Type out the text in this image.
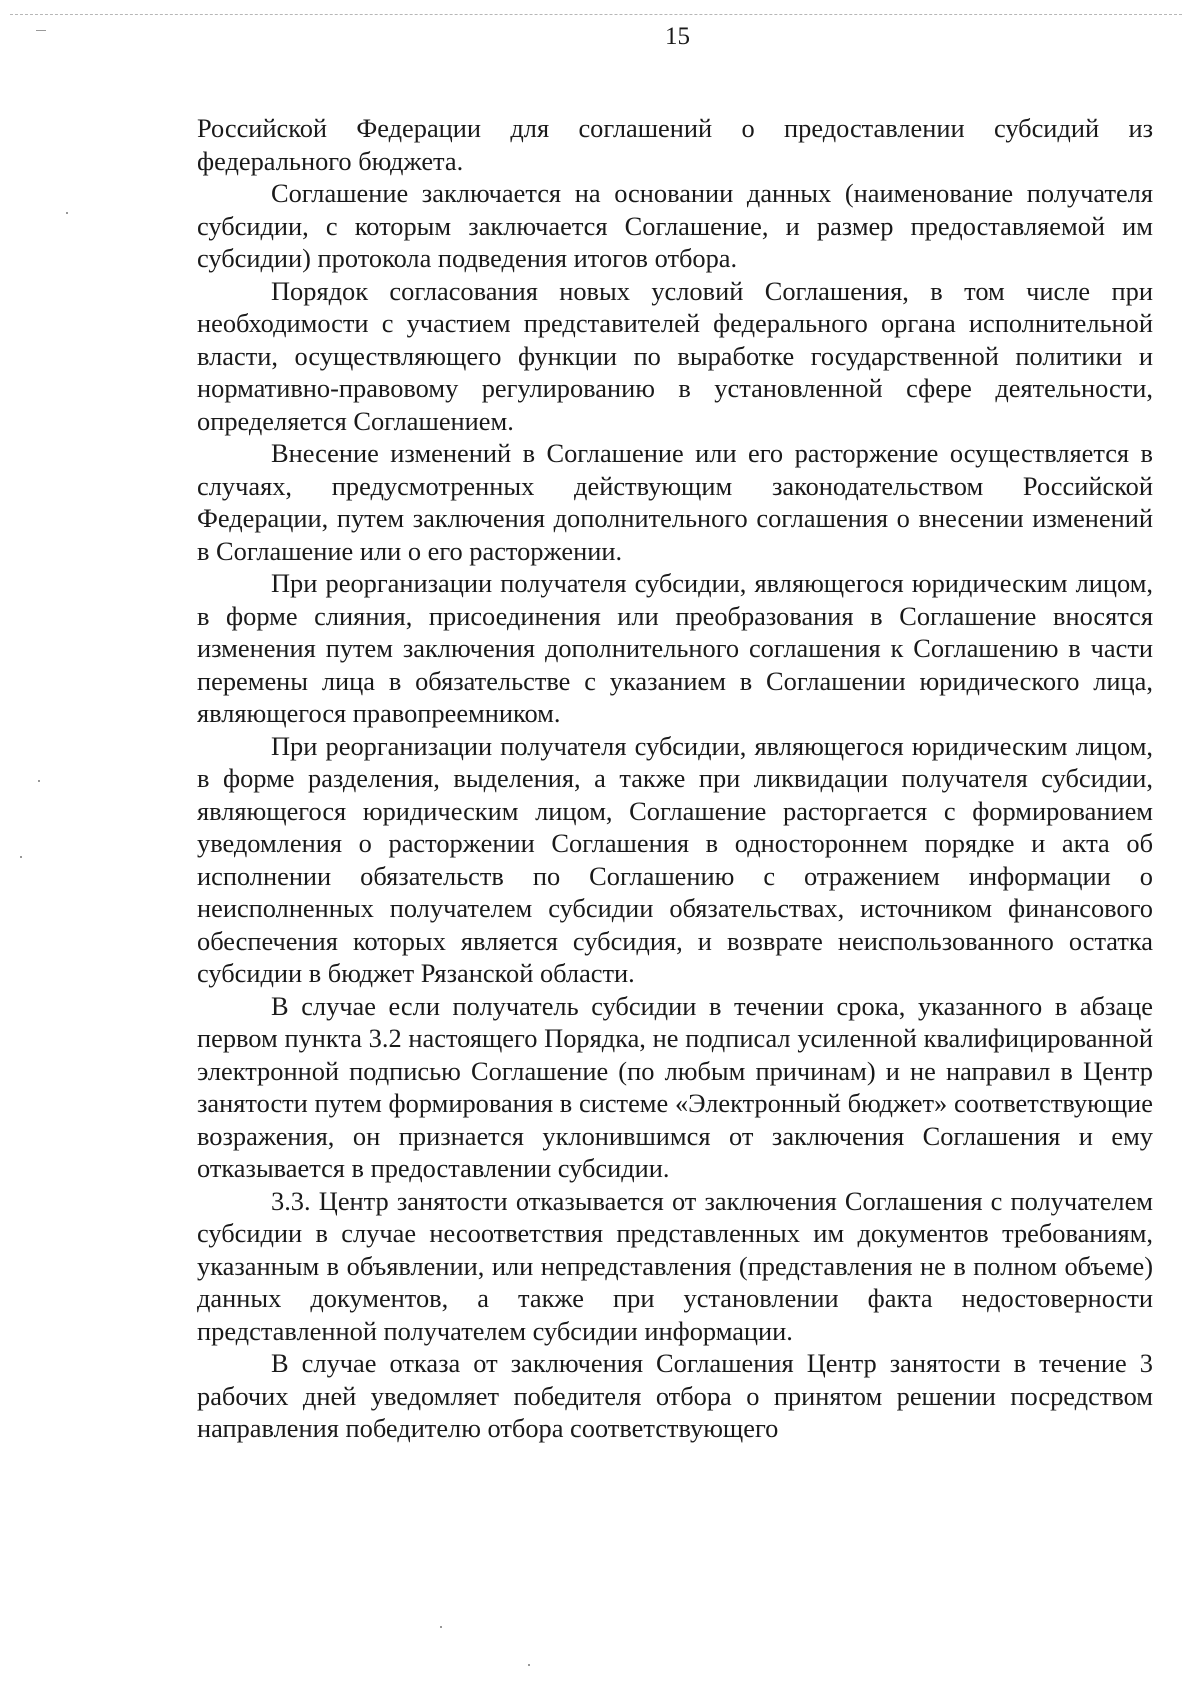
15

Российской Федерации для соглашений о предоставлении субсидий из федерального бюджета.

Соглашение заключается на основании данных (наименование получателя субсидии, с которым заключается Соглашение, и размер предоставляемой им субсидии) протокола подведения итогов отбора.

Порядок согласования новых условий Соглашения, в том числе при необходимости с участием представителей федерального органа исполнительной власти, осуществляющего функции по выработке государственной политики и нормативно-правовому регулированию в установленной сфере деятельности, определяется Соглашением.

Внесение изменений в Соглашение или его расторжение осуществляется в случаях, предусмотренных действующим законодательством Российской Федерации, путем заключения дополнительного соглашения о внесении изменений в Соглашение или о его расторжении.

При реорганизации получателя субсидии, являющегося юридическим лицом, в форме слияния, присоединения или преобразования в Соглашение вносятся изменения путем заключения дополнительного соглашения к Соглашению в части перемены лица в обязательстве с указанием в Соглашении юридического лица, являющегося правопреемником.

При реорганизации получателя субсидии, являющегося юридическим лицом, в форме разделения, выделения, а также при ликвидации получателя субсидии, являющегося юридическим лицом, Соглашение расторгается с формированием уведомления о расторжении Соглашения в одностороннем порядке и акта об исполнении обязательств по Соглашению с отражением информации о неисполненных получателем субсидии обязательствах, источником финансового обеспечения которых является субсидия, и возврате неиспользованного остатка субсидии в бюджет Рязанской области.

В случае если получатель субсидии в течении срока, указанного в абзаце первом пункта 3.2 настоящего Порядка, не подписал усиленной квалифицированной электронной подписью Соглашение (по любым причинам) и не направил в Центр занятости путем формирования в системе «Электронный бюджет» соответствующие возражения, он признается уклонившимся от заключения Соглашения и ему отказывается в предоставлении субсидии.

3.3. Центр занятости отказывается от заключения Соглашения с получателем субсидии в случае несоответствия представленных им документов требованиям, указанным в объявлении, или непредставления (представления не в полном объеме) данных документов, а также при установлении факта недостоверности представленной получателем субсидии информации.

В случае отказа от заключения Соглашения Центр занятости в течение 3 рабочих дней уведомляет победителя отбора о принятом решении посредством направления победителю отбора соответствующего
